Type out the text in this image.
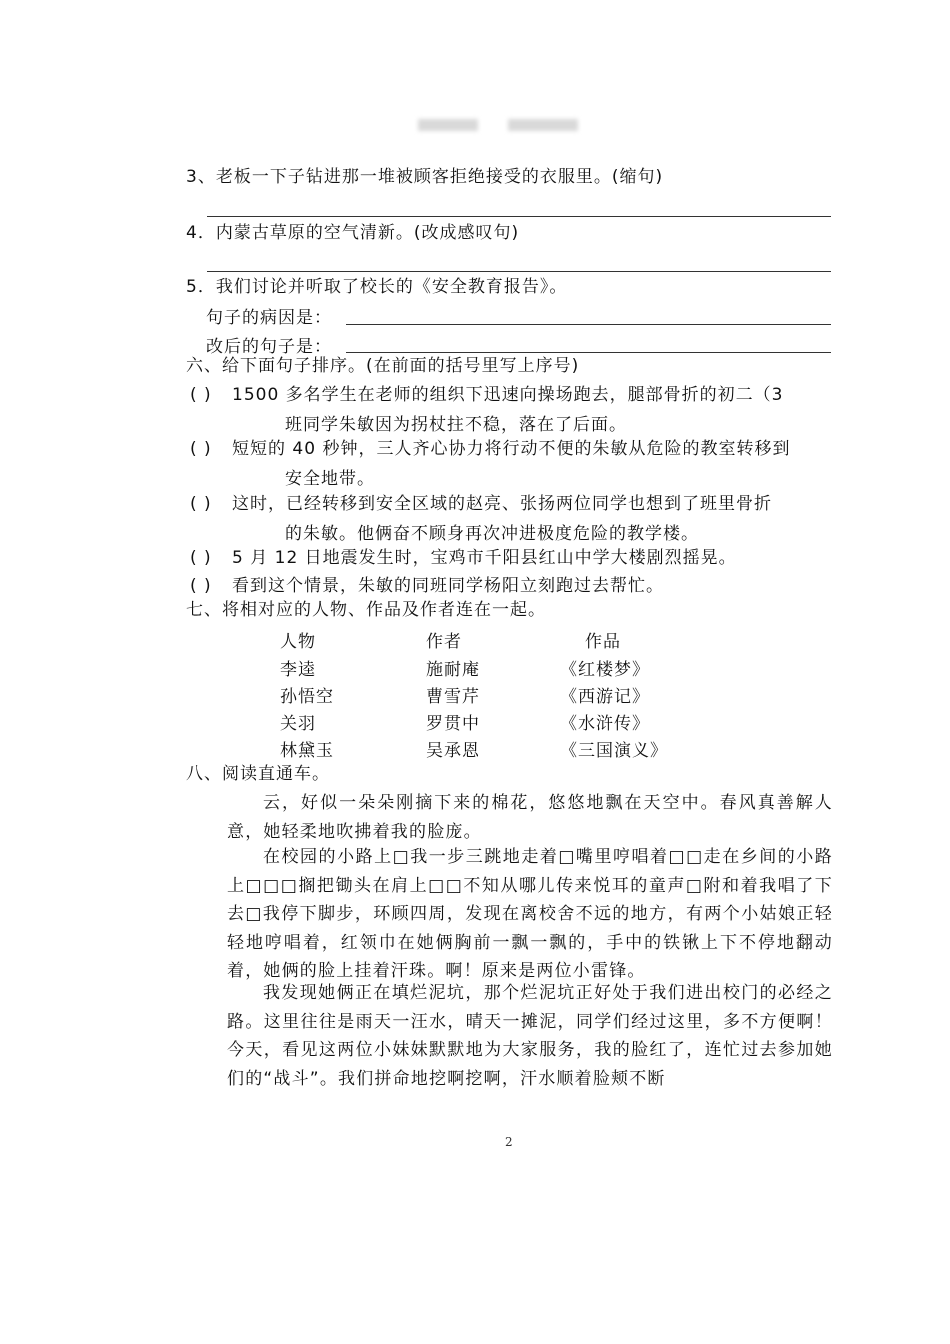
3、老板一下子钻进那一堆被顾客拒绝接受的衣服里。(缩句)
4．内蒙古草原的空气清新。(改成感叹句)
5．我们讨论并听取了校长的《安全教育报告》。
句子的病因是：
改后的句子是：
六、给下面句子排序。(在前面的括号里写上序号)
( ) 1500 多名学生在老师的组织下迅速向操场跑去，腿部骨折的初二（3
班同学朱敏因为拐杖拄不稳，落在了后面。
( ) 短短的 40 秒钟，三人齐心协力将行动不便的朱敏从危险的教室转移到
安全地带。
( ) 这时，已经转移到安全区域的赵亮、张扬两位同学也想到了班里骨折
的朱敏。他俩奋不顾身再次冲进极度危险的教学楼。
( ) 5 月 12 日地震发生时，宝鸡市千阳县红山中学大楼剧烈摇晃。
( ) 看到这个情景，朱敏的同班同学杨阳立刻跑过去帮忙。
七、将相对应的人物、作品及作者连在一起。
人物	作者	作品
李逵	施耐庵	《红楼梦》
孙悟空	曹雪芹	《西游记》
关羽	罗贯中	《水浒传》
林黛玉	吴承恩	《三国演义》
八、阅读直通车。
云，好似一朵朵刚摘下来的棉花，悠悠地飘在天空中。春风真善解人意，她轻柔地吹拂着我的脸庞。
在校园的小路上□我一步三跳地走着□嘴里哼唱着□□走在乡间的小路上□□□搁把锄头在肩上□□不知从哪儿传来悦耳的童声□附和着我唱了下去□我停下脚步，环顾四周，发现在离校舍不远的地方，有两个小姑娘正轻轻地哼唱着，红领巾在她俩胸前一飘一飘的，手中的铁锹上下不停地翻动着，她俩的脸上挂着汗珠。啊！原来是两位小雷锋。
我发现她俩正在填烂泥坑，那个烂泥坑正好处于我们进出校门的必经之路。这里往往是雨天一汪水，晴天一摊泥，同学们经过这里，多不方便啊！今天，看见这两位小妹妹默默地为大家服务，我的脸红了，连忙过去参加她们的“战斗”。我们拼命地挖啊挖啊，汗水顺着脸颊不断
2
